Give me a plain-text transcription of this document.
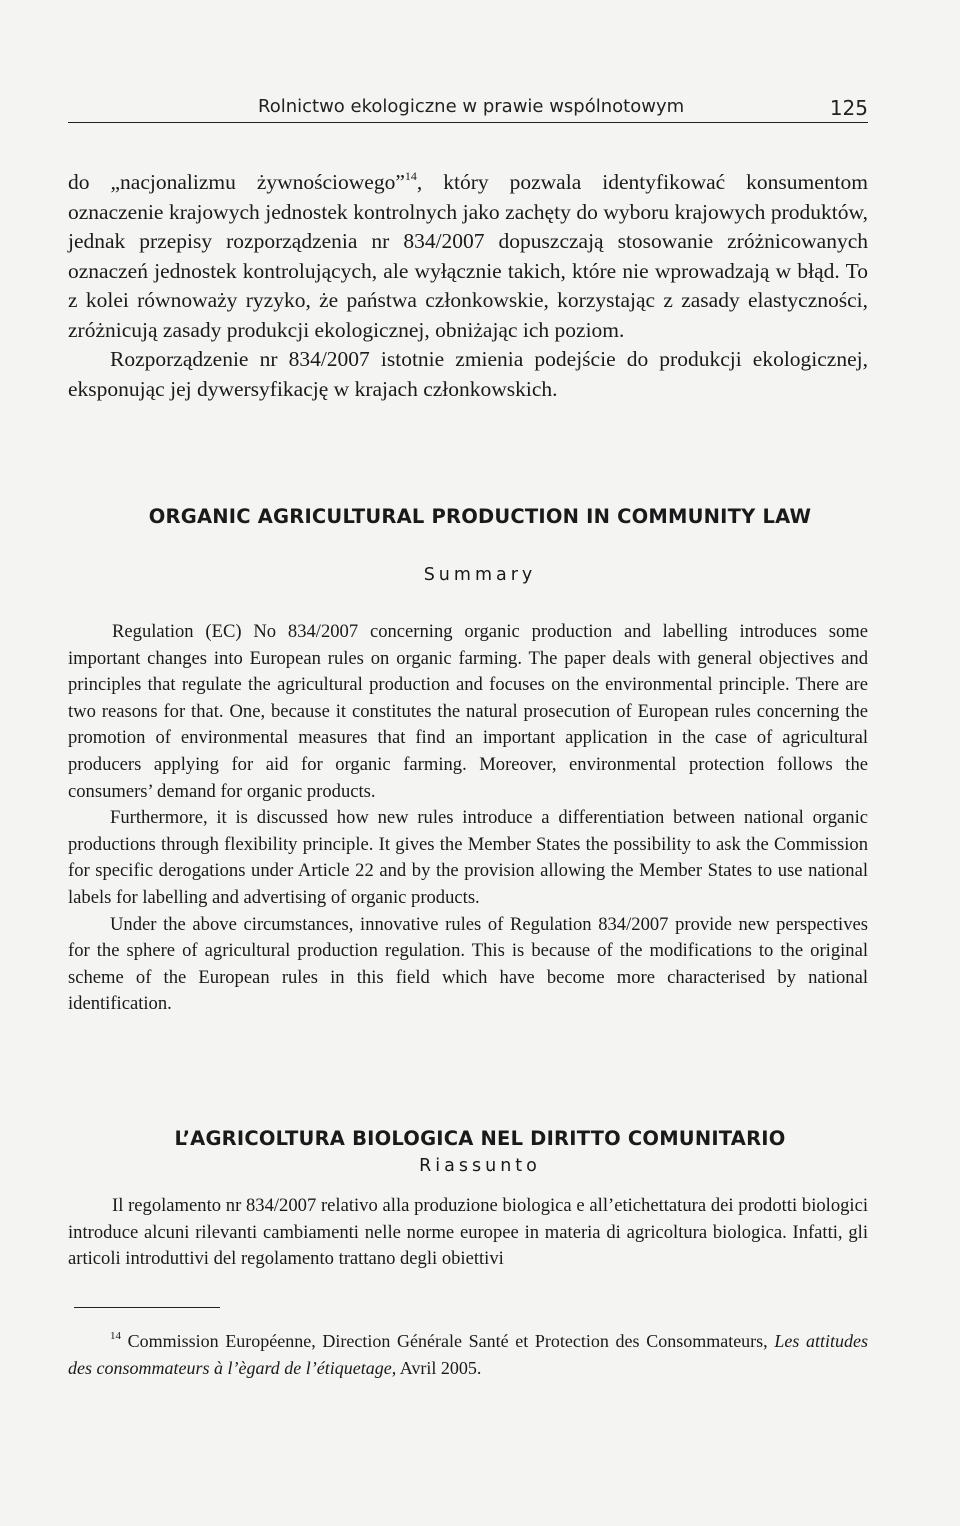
Rolnictwo ekologiczne w prawie wspólnotowym	125

do „nacjonalizmu żywnościowego”$^{14}$, który pozwala identyfikować konsumentom oznaczenie krajowych jednostek kontrolnych jako zachęty do wyboru krajowych produktów, jednak przepisy rozporządzenia nr 834/2007 dopuszczają stosowanie zróżnicowanych oznaczeń jednostek kontrolujących, ale wyłącznie takich, które nie wprowadzają w błąd. To z kolei równoważy ryzyko, że państwa członkowskie, korzystając z zasady elastyczności, zróżnicują zasady produkcji ekologicznej, obniżając ich poziom.

Rozporządzenie nr 834/2007 istotnie zmienia podejście do produkcji ekologicznej, eksponując jej dywersyfikację w krajach członkowskich.

ORGANIC AGRICULTURAL PRODUCTION IN COMMUNITY LAW
Summary

Regulation (EC) No 834/2007 concerning organic production and labelling introduces some important changes into European rules on organic farming. The paper deals with general objectives and principles that regulate the agricultural production and focuses on the environmental principle. There are two reasons for that. One, because it constitutes the natural prosecution of European rules concerning the promotion of environmental measures that find an important application in the case of agricultural producers applying for aid for organic farming. Moreover, environmental protection follows the consumers’ demand for organic products.

Furthermore, it is discussed how new rules introduce a differentiation between national organic productions through flexibility principle. It gives the Member States the possibility to ask the Commission for specific derogations under Article 22 and by the provision allowing the Member States to use national labels for labelling and advertising of organic products.

Under the above circumstances, innovative rules of Regulation 834/2007 provide new perspectives for the sphere of agricultural production regulation. This is because of the modifications to the original scheme of the European rules in this field which have become more characterised by national identification.

L’AGRICOLTURA BIOLOGICA NEL DIRITTO COMUNITARIO
Riassunto

Il regolamento nr 834/2007 relativo alla produzione biologica e all’etichettatura dei prodotti biologici introduce alcuni rilevanti cambiamenti nelle norme europee in materia di agricoltura biologica. Infatti, gli articoli introduttivi del regolamento trattano degli obiettivi

$^{14}$ Commission Européenne, Direction Générale Santé et Protection des Consommateurs, Les attitudes des consommateurs à l’ègard de l’étiquetage, Avril 2005.
